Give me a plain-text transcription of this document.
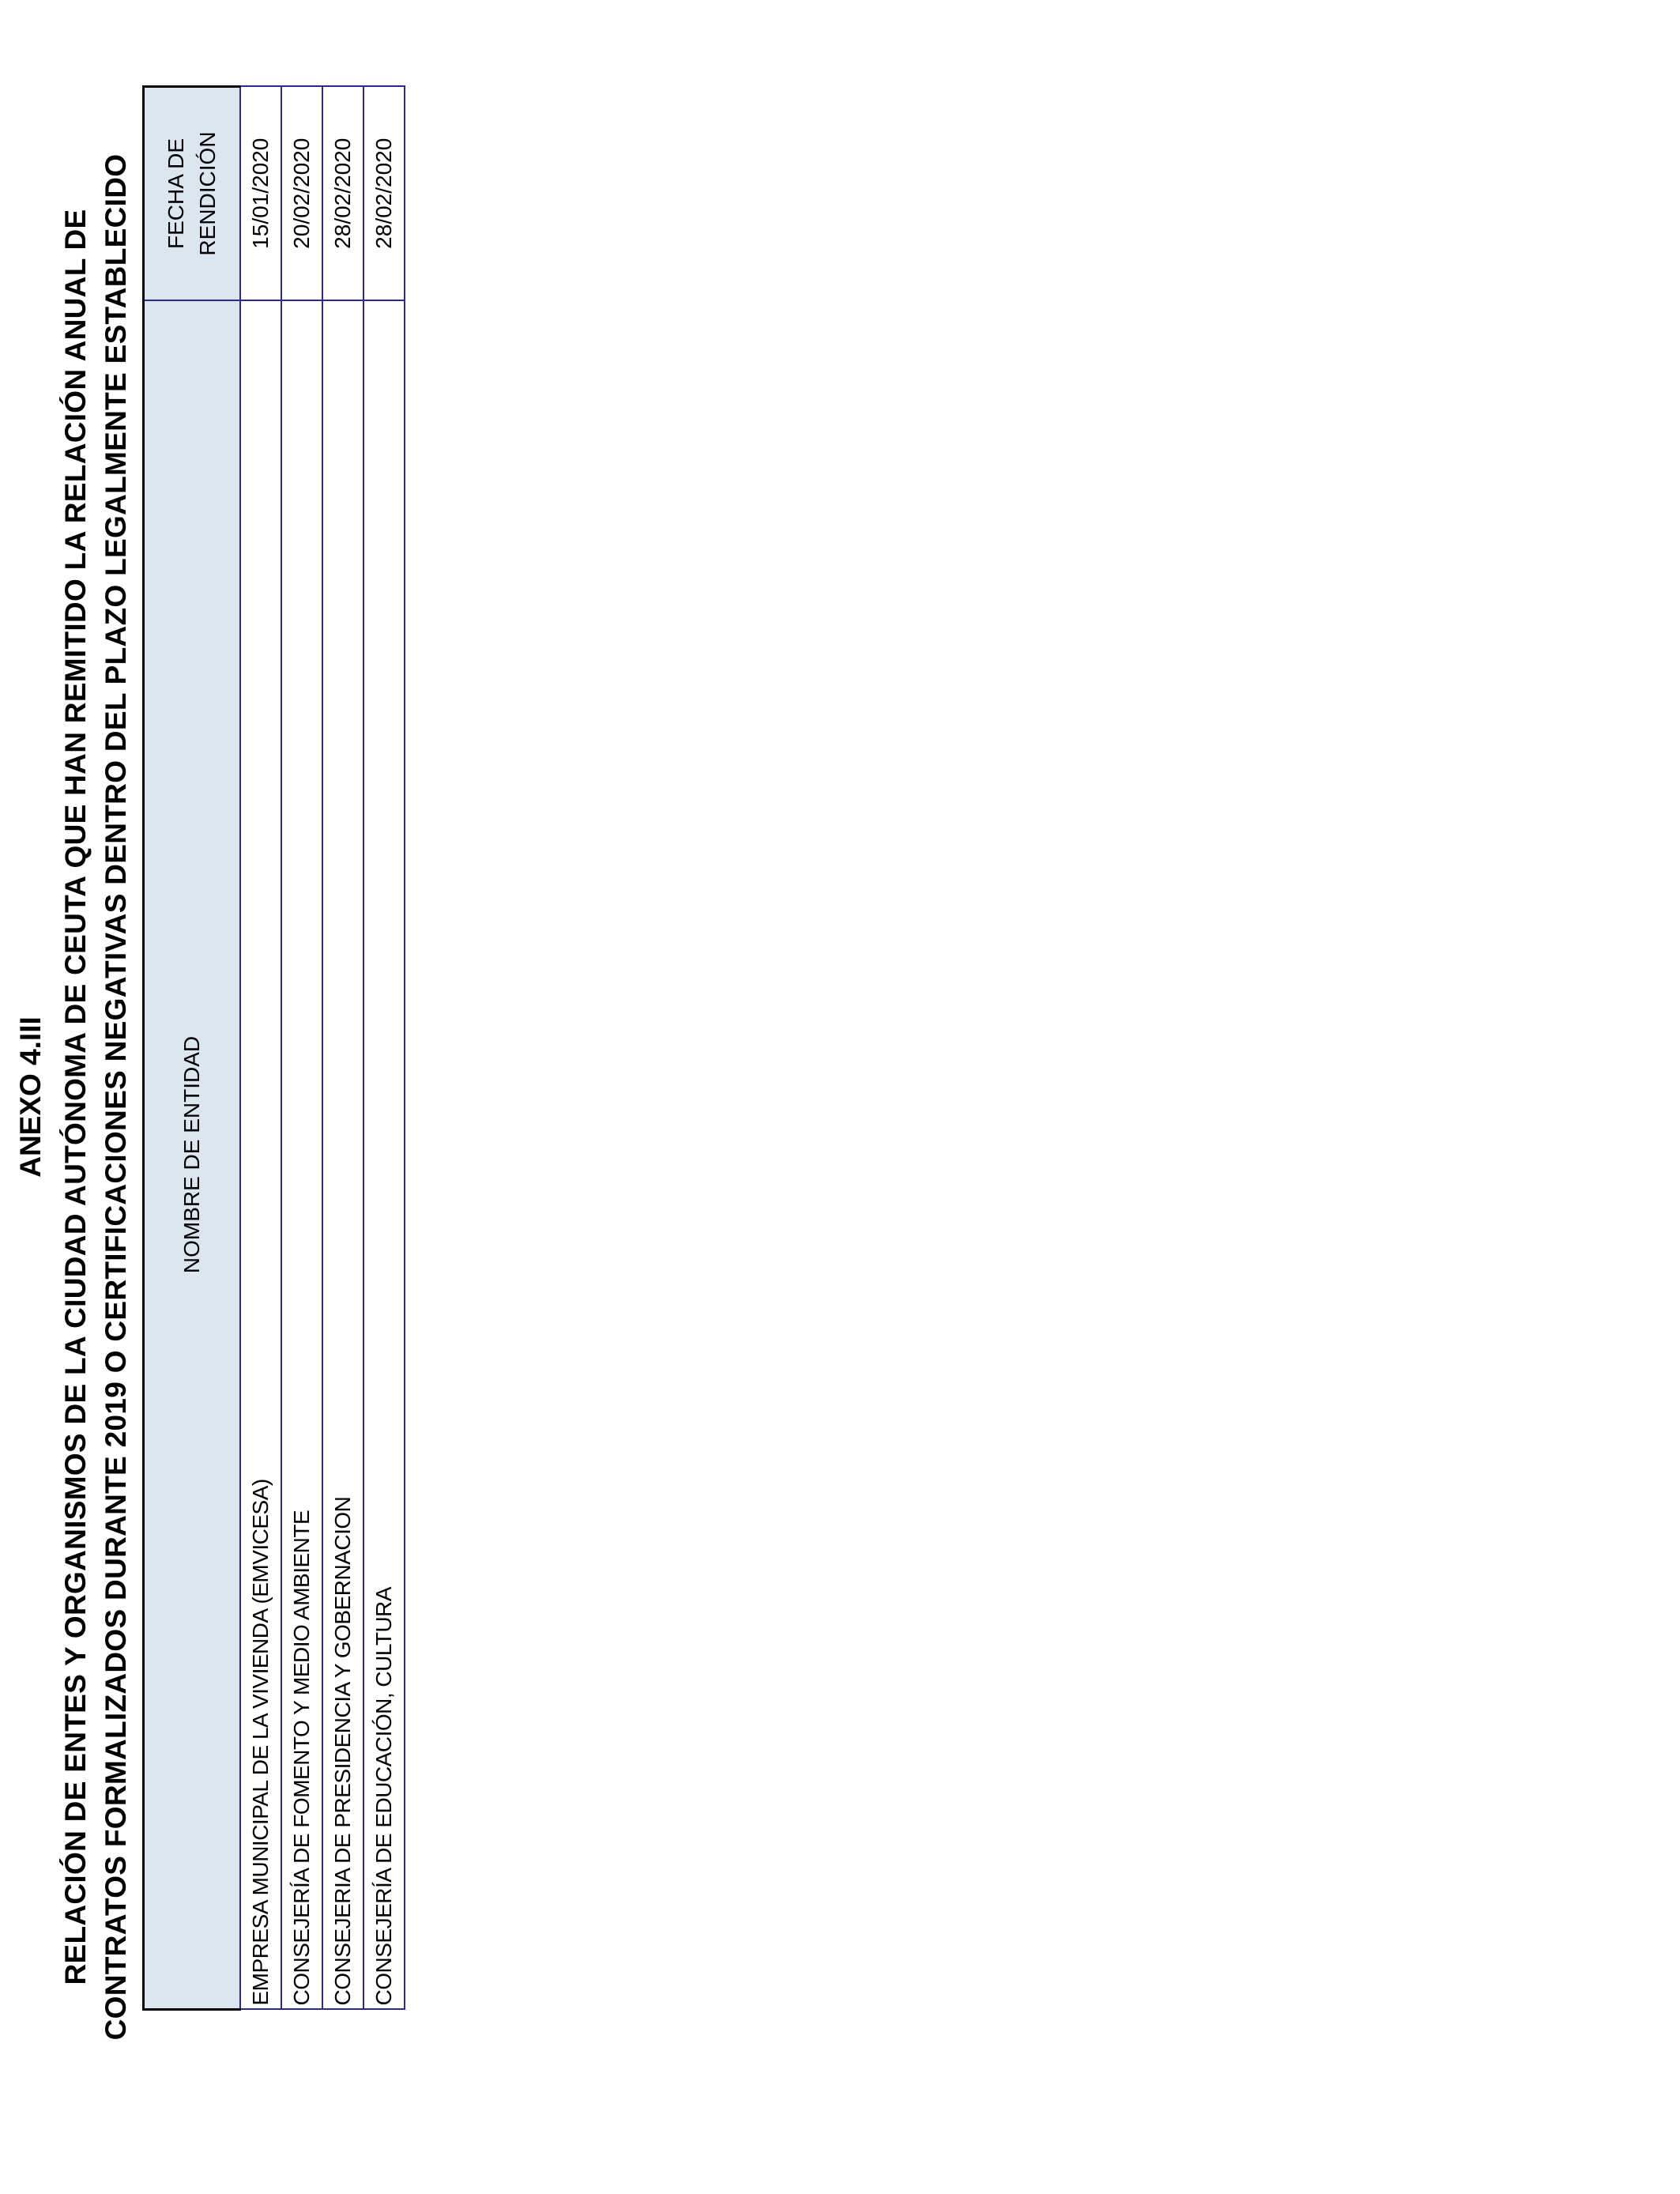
ANEXO 4.III RELACIÓN DE ENTES Y ORGANISMOS DE LA CIUDAD AUTÓNOMA DE CEUTA QUE HAN REMITIDO LA RELACIÓN ANUAL DE CONTRATOS FORMALIZADOS DURANTE 2019 O CERTIFICACIONES NEGATIVAS DENTRO DEL PLAZO LEGALMENTE ESTABLECIDO NOMBRE DE ENTIDAD	FECHA DE RENDICIÓN

EMPRESA MUNICIPAL DE LA VIVIENDA (EMVICESA)	15/01/2020
CONSEJERÍA DE FOMENTO Y MEDIO AMBIENTE	20/02/2020
CONSEJERIA DE PRESIDENCIA Y GOBERNACION	28/02/2020
CONSEJERÍA DE EDUCACIÓN, CULTURA	28/02/2020
